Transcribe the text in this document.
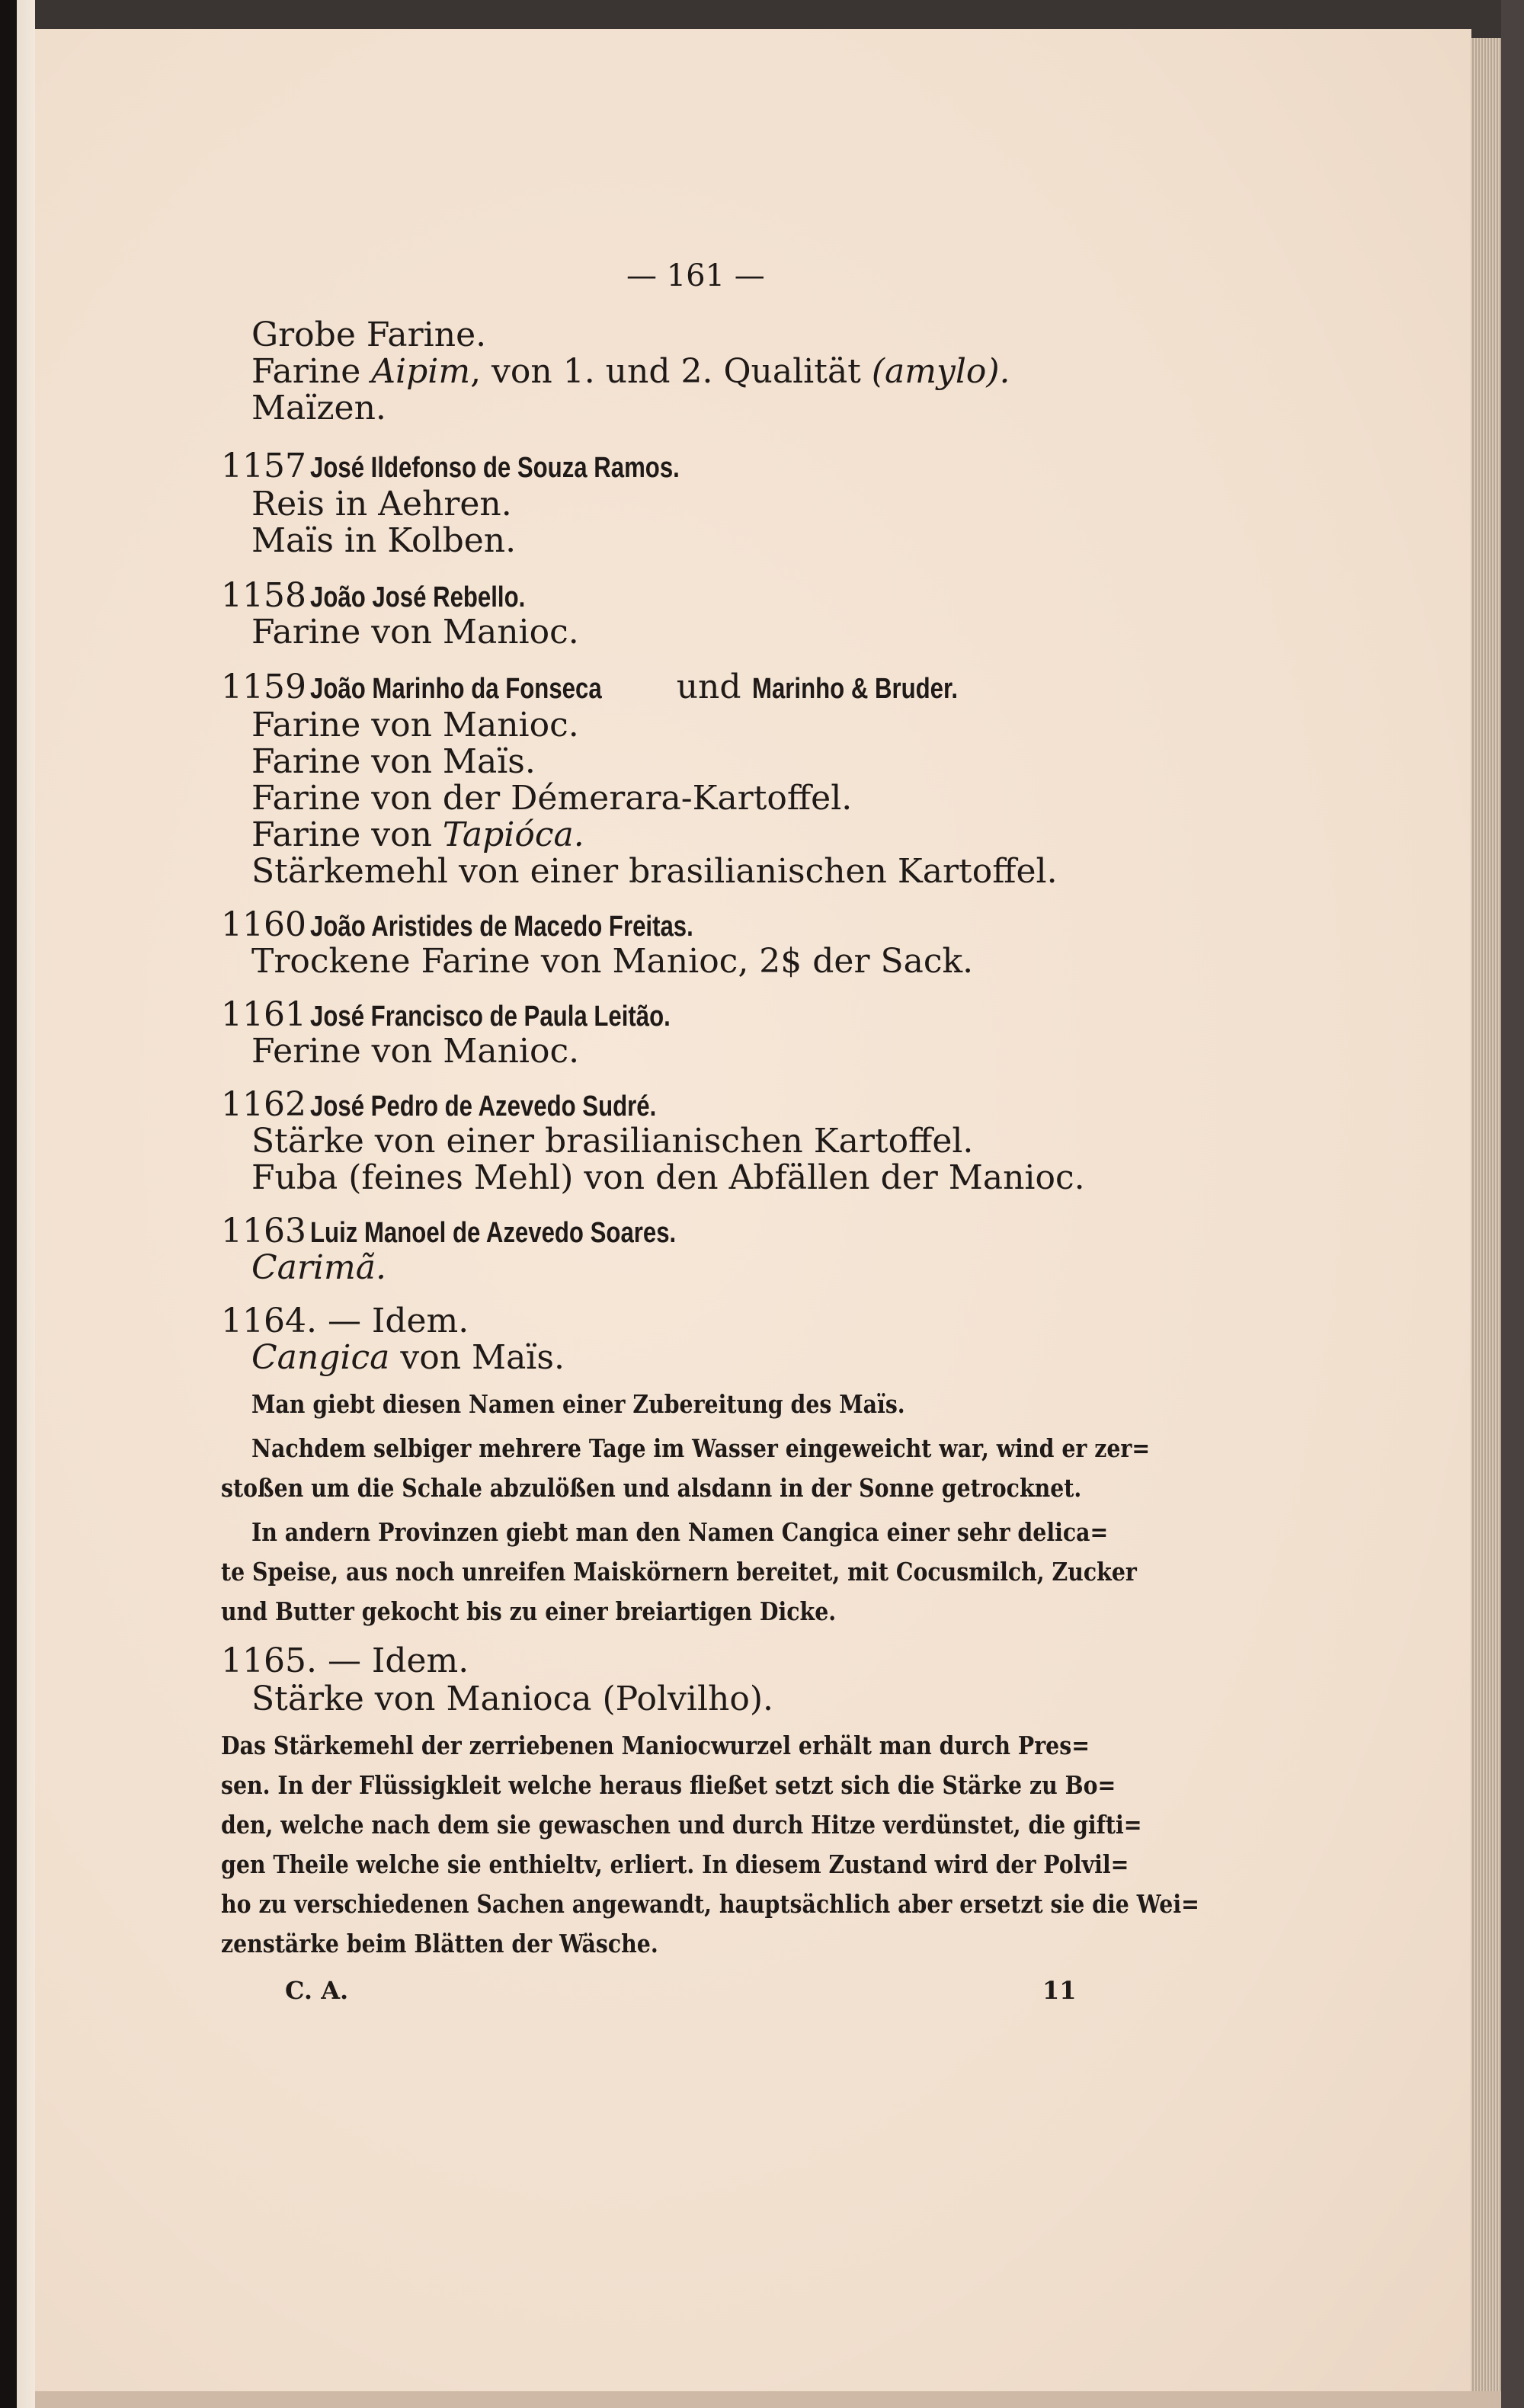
— 161 —
Grobe Farine.
Farine Aipim, von 1. und 2. Qualität (amylo).
Maïzen.
1157 José Ildefonso de Souza Ramos.
Reis in Aehren.
Maïs in Kolben.
1158 João José Rebello.
Farine von Manioc.
1159 João Marinho da Fonseca und Marinho & Bruder.
Farine von Manioc.
Farine von Maïs.
Farine von der Démerara-Kartoffel.
Farine von Tapióca.
Stärkemehl von einer brasilianischen Kartoffel.
1160 João Aristides de Macedo Freitas.
Trockene Farine von Manioc, 2$ der Sack.
1161 José Francisco de Paula Leitão.
Ferine von Manioc.
1162 José Pedro de Azevedo Sudré.
Stärke von einer brasilianischen Kartoffel.
Fuba (feines Mehl) von den Abfällen der Manioc.
1163 Luiz Manoel de Azevedo Soares.
Carimã.
1164. — Idem.
Cangica von Maïs.
Man giebt diesen Namen einer Zubereitung des Maïs.
Nachdem selbiger mehrere Tage im Wasser eingeweicht war, wind er zer=
stoßen um die Schale abzulößen und alsdann in der Sonne getrocknet.
In andern Provinzen giebt man den Namen Cangica einer sehr delica=
te Speise, aus noch unreifen Maiskörnern bereitet, mit Cocusmilch, Zucker
und Butter gekocht bis zu einer breiartigen Dicke.
1165. — Idem.
Stärke von Manioca (Polvilho).
Das Stärkemehl der zerriebenen Maniocwurzel erhält man durch Pres=
sen. In der Flüssigkleit welche heraus fließet setzt sich die Stärke zu Bo=
den, welche nach dem sie gewaschen und durch Hitze verdünstet, die gifti=
gen Theile welche sie enthieltv, erliert. In diesem Zustand wird der Polvil=
ho zu verschiedenen Sachen angewandt, hauptsächlich aber ersetzt sie die Wei=
zenstärke beim Blätten der Wäsche.
C. A.	11
